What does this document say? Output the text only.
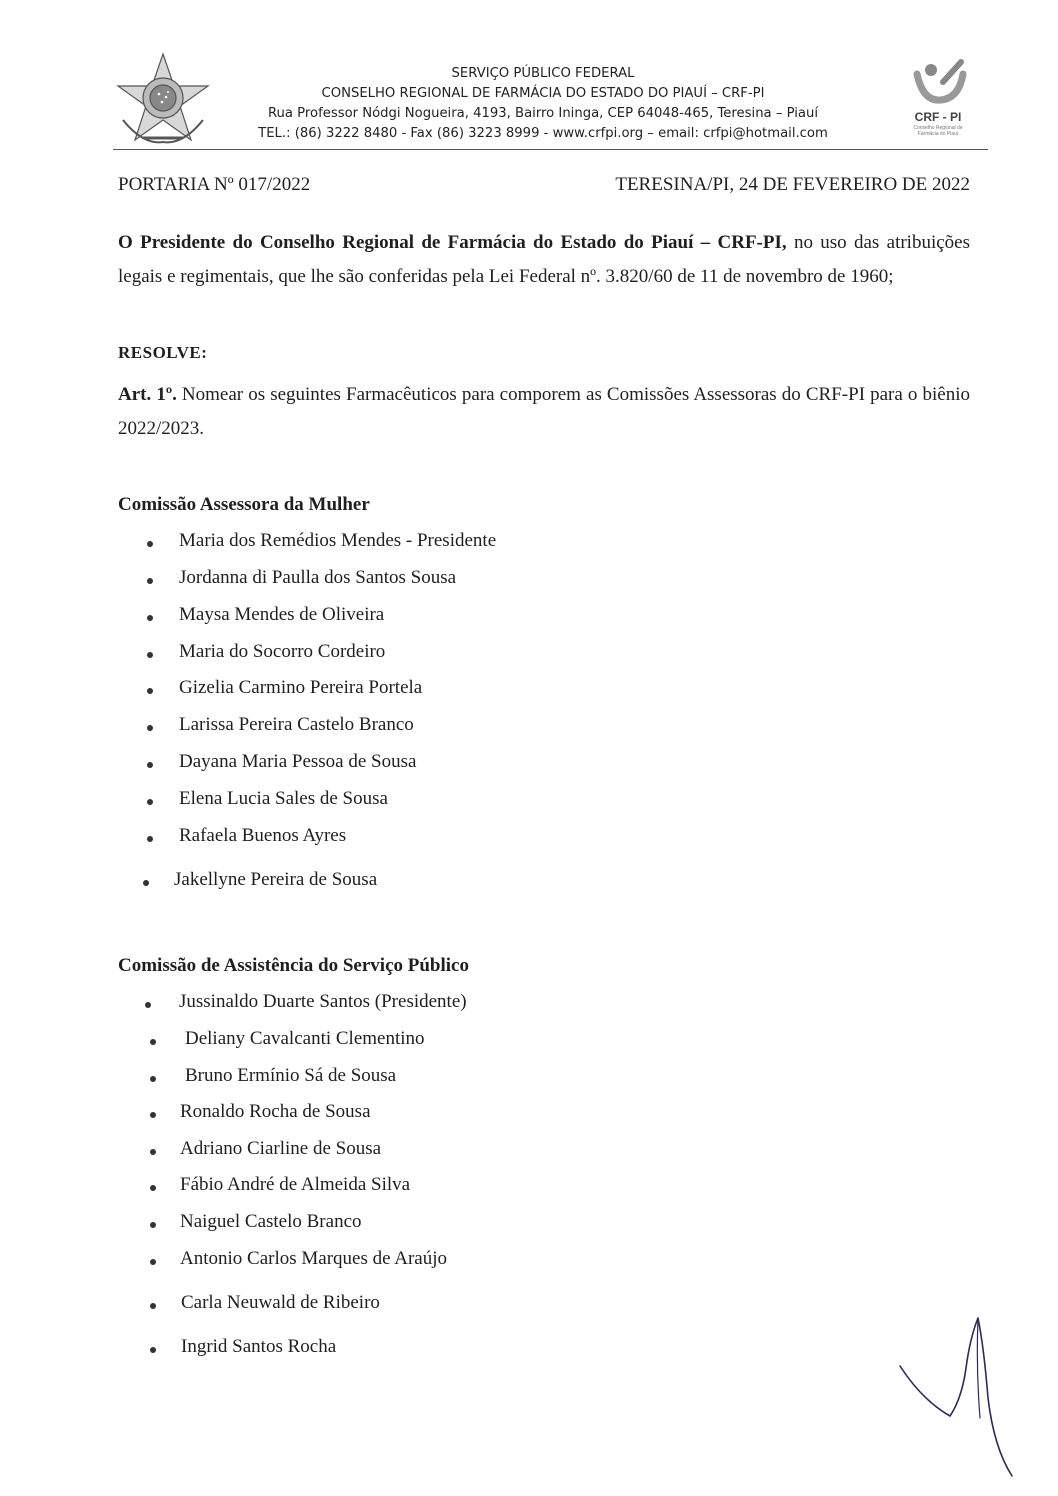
SERVIÇO PÚBLICO FEDERAL
CONSELHO REGIONAL DE FARMÁCIA DO ESTADO DO PIAUÍ – CRF-PI
Rua Professor Nódgi Nogueira, 4193, Bairro Ininga, CEP 64048-465, Teresina – Piauí
TEL.: (86) 3222 8480 - Fax (86) 3223 8999 - www.crfpi.org – email: crfpi@hotmail.com
CRF - PI
Conselho Regional de Farmácia do Piauí
PORTARIA Nº 017/2022	TERESINA/PI, 24 DE FEVEREIRO DE 2022
O Presidente do Conselho Regional de Farmácia do Estado do Piauí – CRF-PI, no uso das atribuições legais e regimentais, que lhe são conferidas pela Lei Federal nº. 3.820/60 de 11 de novembro de 1960;
RESOLVE:
Art. 1º. Nomear os seguintes Farmacêuticos para comporem as Comissões Assessoras do CRF-PI para o biênio 2022/2023.
Comissão Assessora da Mulher
Maria dos Remédios Mendes - Presidente
Jordanna di Paulla dos Santos Sousa
Maysa Mendes de Oliveira
Maria do Socorro Cordeiro
Gizelia Carmino Pereira Portela
Larissa Pereira Castelo Branco
Dayana Maria Pessoa de Sousa
Elena Lucia Sales de Sousa
Rafaela Buenos Ayres
Jakellyne Pereira de Sousa
Comissão de Assistência do Serviço Público
Jussinaldo Duarte Santos (Presidente)
Deliany Cavalcanti Clementino
Bruno Ermínio Sá de Sousa
Ronaldo Rocha de Sousa
Adriano Ciarline de Sousa
Fábio André de Almeida Silva
Naiguel Castelo Branco
Antonio Carlos Marques de Araújo
Carla Neuwald de Ribeiro
Ingrid Santos Rocha
